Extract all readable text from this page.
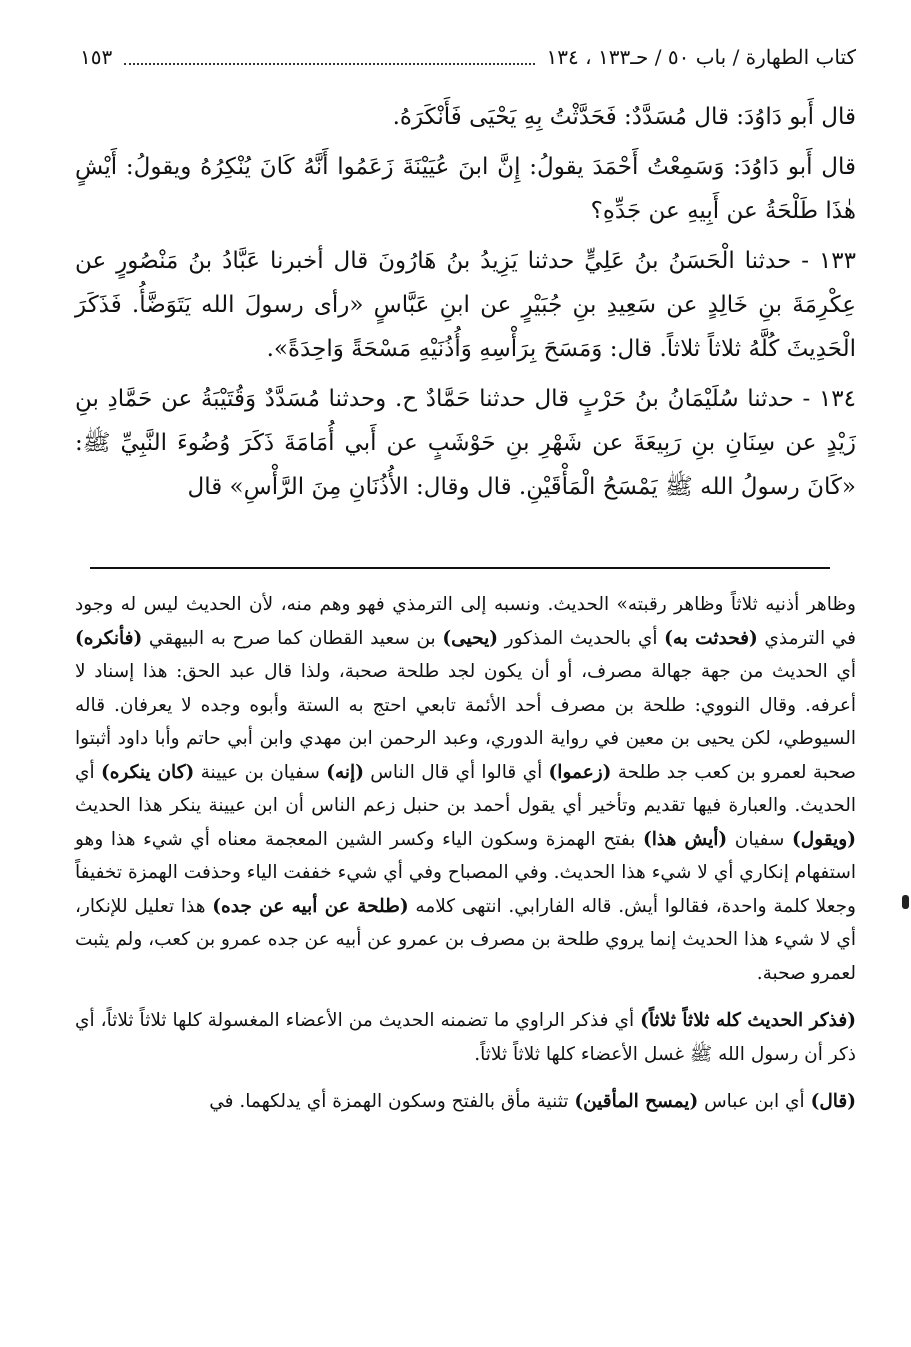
كتاب الطهارة / باب ٥٠ / حـ١٣٣ ، ١٣٤
١٥٣

قال أَبو دَاوُدَ: قال مُسَدَّدٌ: فَحَدَّثْتُ بِهِ يَحْيَى فَأَنْكَرَهُ.

قال أَبو دَاوُدَ: وَسَمِعْتُ أَحْمَدَ يقولُ: إِنَّ ابنَ عُيَيْنَةَ زَعَمُوا أَنَّهُ كَانَ يُنْكِرُهُ ويقولُ: أَيْشٍ هٰذَا طَلْحَةُ عن أَبِيهِ عن جَدِّهِ؟

١٣٣ - حدثنا الْحَسَنُ بنُ عَلِيٍّ حدثنا يَزِيدُ بنُ هَارُونَ قال أخبرنا عَبَّادُ بنُ مَنْصُورٍ عن عِكْرِمَةَ بنِ خَالِدٍ عن سَعِيدِ بنِ جُبَيْرٍ عن ابنِ عَبَّاسٍ «رأى رسولَ الله يَتَوَضَّأُ. فَذَكَرَ الْحَدِيثَ كُلَّهُ ثلاثاً ثلاثاً. قال: وَمَسَحَ بِرَأْسِهِ وَأُذُنَيْهِ مَسْحَةً وَاحِدَةً».

١٣٤ - حدثنا سُلَيْمَانُ بنُ حَرْبٍ قال حدثنا حَمَّادٌ ح. وحدثنا مُسَدَّدٌ وَقُتَيْبَةُ عن حَمَّادِ بنِ زَيْدٍ عن سِنَانِ بنِ رَبِيعَةَ عن شَهْرِ بنِ حَوْشَبٍ عن أَبي أُمَامَةَ ذَكَرَ وُضُوءَ النَّبِيِّ ﷺ: «كَانَ رسولُ الله ﷺ يَمْسَحُ الْمَأْقَيْنِ. قال وقال: الأُذُنَانِ مِنَ الرَّأْسِ» قال

وظاهر أذنيه ثلاثاً وظاهر رقبته» الحديث. ونسبه إلى الترمذي فهو وهم منه، لأن الحديث ليس له وجود في الترمذي (فحدثت به) أي بالحديث المذكور (يحيى) بن سعيد القطان كما صرح به البيهقي (فأنكره) أي الحديث من جهة جهالة مصرف، أو أن يكون لجد طلحة صحبة، ولذا قال عبد الحق: هذا إسناد لا أعرفه. وقال النووي: طلحة بن مصرف أحد الأئمة تابعي احتج به الستة وأبوه وجده لا يعرفان. قاله السيوطي، لكن يحيى بن معين في رواية الدوري، وعبد الرحمن ابن مهدي وابن أبي حاتم وأبا داود أثبتوا صحبة لعمرو بن كعب جد طلحة (زعموا) أي قالوا أي قال الناس (إنه) سفيان بن عيينة (كان ينكره) أي الحديث. والعبارة فيها تقديم وتأخير أي يقول أحمد بن حنبل زعم الناس أن ابن عيينة ينكر هذا الحديث (ويقول) سفيان (أيش هذا) بفتح الهمزة وسكون الياء وكسر الشين المعجمة معناه أي شيء هذا وهو استفهام إنكاري أي لا شيء هذا الحديث. وفي المصباح وفي أي شيء خففت الياء وحذفت الهمزة تخفيفاً وجعلا كلمة واحدة، فقالوا أيش. قاله الفارابي. انتهى كلامه (طلحة عن أبيه عن جده) هذا تعليل للإنكار، أي لا شيء هذا الحديث إنما يروي طلحة بن مصرف بن عمرو عن أبيه عن جده عمرو بن كعب، ولم يثبت لعمرو صحبة.

(فذكر الحديث كله ثلاثاً ثلاثاً) أي فذكر الراوي ما تضمنه الحديث من الأعضاء المغسولة كلها ثلاثاً ثلاثاً، أي ذكر أن رسول الله ﷺ غسل الأعضاء كلها ثلاثاً ثلاثاً.

(قال) أي ابن عباس (يمسح المأقين) تثنية مأق بالفتح وسكون الهمزة أي يدلكهما. في
